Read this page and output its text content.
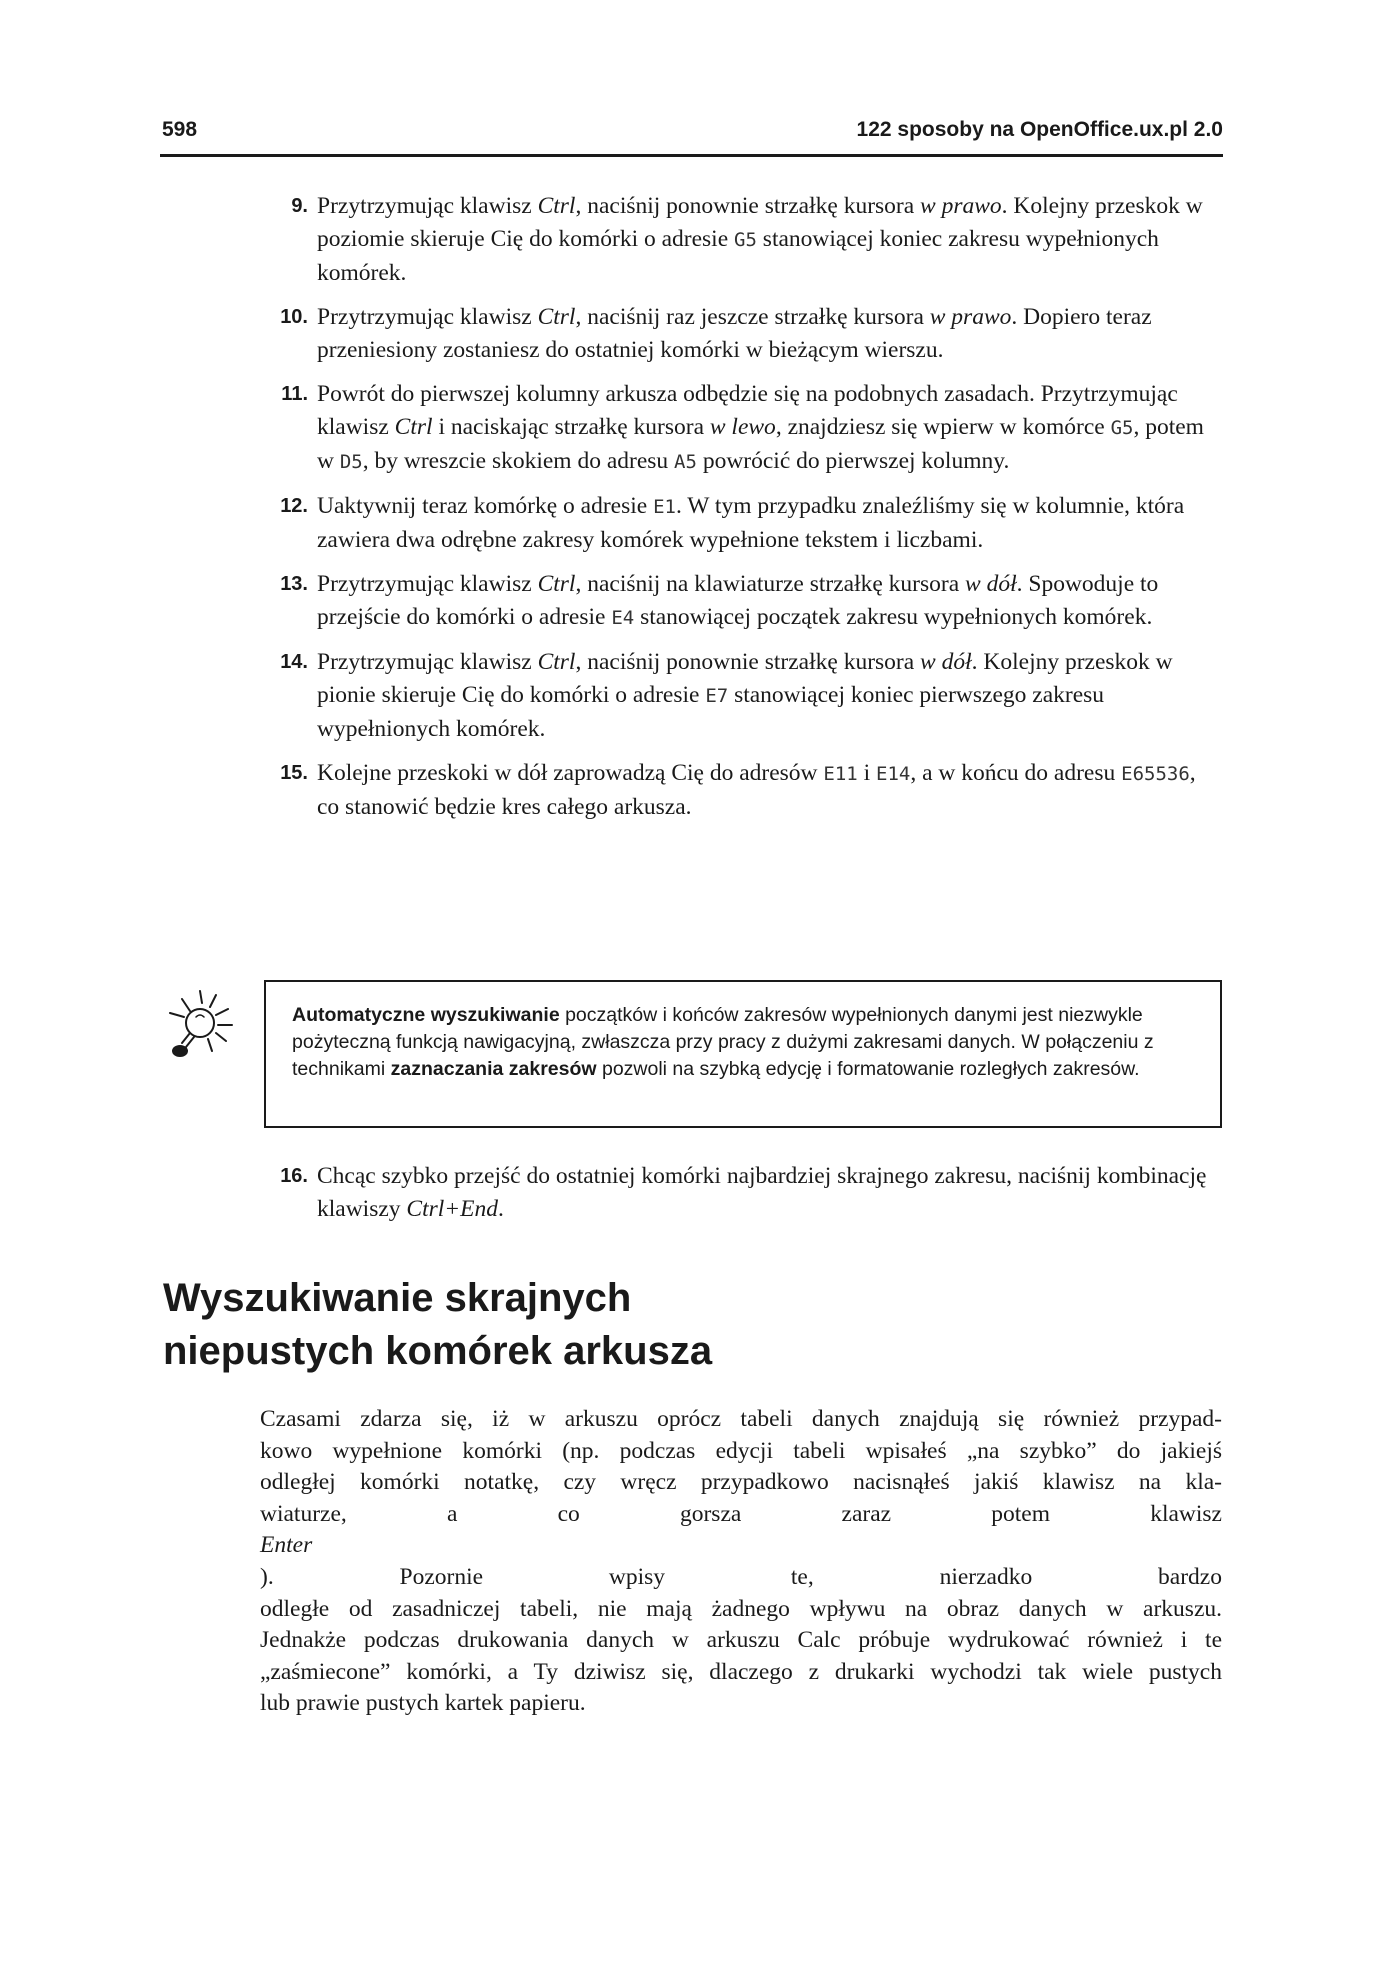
598	122 sposoby na OpenOffice.ux.pl 2.0
9. Przytrzymując klawisz Ctrl, naciśnij ponownie strzałkę kursora w prawo. Kolejny przeskok w poziomie skieruje Cię do komórki o adresie G5 stanowiącej koniec zakresu wypełnionych komórek.
10. Przytrzymując klawisz Ctrl, naciśnij raz jeszcze strzałkę kursora w prawo. Dopiero teraz przeniesiony zostaniesz do ostatniej komórki w bieżącym wierszu.
11. Powrót do pierwszej kolumny arkusza odbędzie się na podobnych zasadach. Przytrzymując klawisz Ctrl i naciskając strzałkę kursora w lewo, znajdziesz się wpierw w komórce G5, potem w D5, by wreszcie skokiem do adresu A5 powrócić do pierwszej kolumny.
12. Uaktywnij teraz komórkę o adresie E1. W tym przypadku znaleźliśmy się w kolumnie, która zawiera dwa odrębne zakresy komórek wypełnione tekstem i liczbami.
13. Przytrzymując klawisz Ctrl, naciśnij na klawiaturze strzałkę kursora w dół. Spowoduje to przejście do komórki o adresie E4 stanowiącej początek zakresu wypełnionych komórek.
14. Przytrzymując klawisz Ctrl, naciśnij ponownie strzałkę kursora w dół. Kolejny przeskok w pionie skieruje Cię do komórki o adresie E7 stanowiącej koniec pierwszego zakresu wypełnionych komórek.
15. Kolejne przeskoki w dół zaprowadzą Cię do adresów E11 i E14, a w końcu do adresu E65536, co stanowić będzie kres całego arkusza.
Automatyczne wyszukiwanie początków i końców zakresów wypełnionych danymi jest niezwykle pożyteczną funkcją nawigacyjną, zwłaszcza przy pracy z dużymi zakresami danych. W połączeniu z technikami zaznaczania zakresów pozwoli na szybką edycję i formatowanie rozległych zakresów.
16. Chcąc szybko przejść do ostatniej komórki najbardziej skrajnego zakresu, naciśnij kombinację klawiszy Ctrl+End.
Wyszukiwanie skrajnych
niepustych komórek arkusza

Czasami zdarza się, iż w arkuszu oprócz tabeli danych znajdują się również przypad-
kowo wypełnione komórki (np. podczas edycji tabeli wpisałeś „na szybko” do jakiejś
odległej komórki notatkę, czy wręcz przypadkowo nacisnąłeś jakiś klawisz na kla-
wiaturze, a co gorsza zaraz potem klawisz
Enter
). Pozornie wpisy te, nierzadko bardzo
odległe od zasadniczej tabeli, nie mają żadnego wpływu na obraz danych w arkuszu.
Jednakże podczas drukowania danych w arkuszu Calc próbuje wydrukować również i te
„zaśmiecone” komórki, a Ty dziwisz się, dlaczego z drukarki wychodzi tak wiele pustych
lub prawie pustych kartek papieru.
